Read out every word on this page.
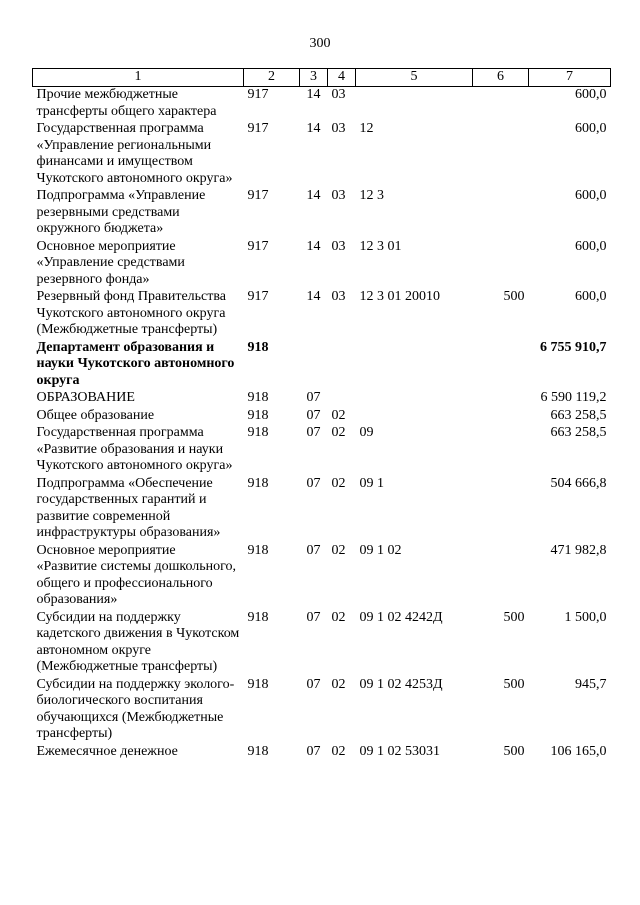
300
1	2	3	4	5	6	7
Прочие межбюджетные трансферты общего характера	917	14	03			600,0
Государственная программа «Управление региональными финансами и имуществом Чукотского автономного округа»	917	14	03	12		600,0
Подпрограмма «Управление резервными средствами окружного бюджета»	917	14	03	12 3		600,0
Основное мероприятие «Управление средствами резервного фонда»	917	14	03	12 3 01		600,0
Резервный фонд Правительства Чукотского автономного округа (Межбюджетные трансферты)	917	14	03	12 3 01 20010	500	600,0
Департамент образования и науки Чукотского автономного округа	918					6 755 910,7
ОБРАЗОВАНИЕ	918	07				6 590 119,2
Общее образование	918	07	02			663 258,5
Государственная программа «Развитие образования и науки Чукотского автономного округа»	918	07	02	09		663 258,5
Подпрограмма «Обеспечение государственных гарантий и развитие современной инфраструктуры образования»	918	07	02	09 1		504 666,8
Основное мероприятие «Развитие системы дошкольного, общего и профессионального образования»	918	07	02	09 1 02		471 982,8
Субсидии на поддержку кадетского движения в Чукотском автономном округе (Межбюджетные трансферты)	918	07	02	09 1 02 4242Д	500	1 500,0
Субсидии на поддержку эколого-биологического воспитания обучающихся (Межбюджетные трансферты)	918	07	02	09 1 02 4253Д	500	945,7
Ежемесячное денежное	918	07	02	09 1 02 53031	500	106 165,0
